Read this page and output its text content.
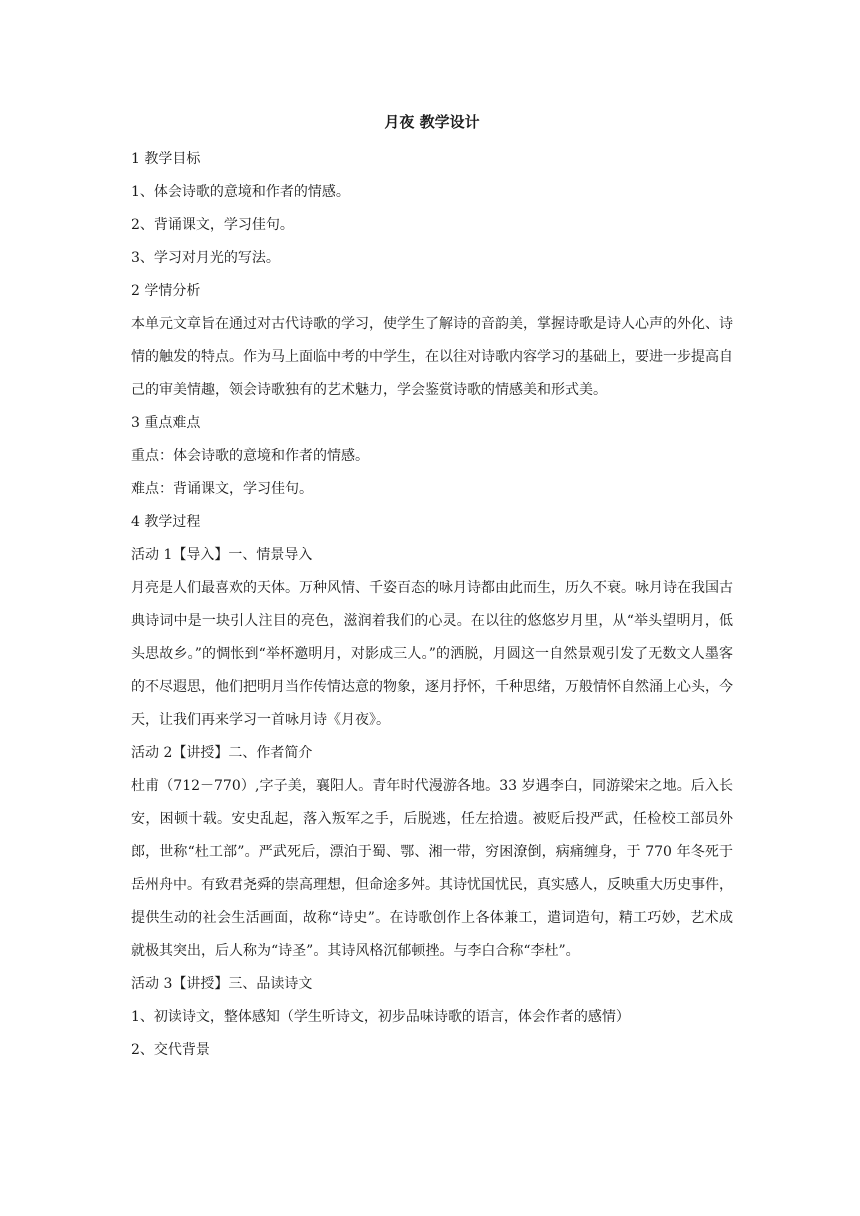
月夜 教学设计

1 教学目标

1、体会诗歌的意境和作者的情感。

2、背诵课文，学习佳句。

3、学习对月光的写法。

2 学情分析

本单元文章旨在通过对古代诗歌的学习，使学生了解诗的音韵美，掌握诗歌是诗人心声的外化、诗情的触发的特点。作为马上面临中考的中学生，在以往对诗歌内容学习的基础上，要进一步提高自己的审美情趣，领会诗歌独有的艺术魅力，学会鉴赏诗歌的情感美和形式美。

3 重点难点

重点：体会诗歌的意境和作者的情感。

难点：背诵课文，学习佳句。

4 教学过程

活动 1【导入】一、情景导入

月亮是人们最喜欢的天体。万种风情、千姿百态的咏月诗都由此而生，历久不衰。咏月诗在我国古典诗词中是一块引人注目的亮色，滋润着我们的心灵。在以往的悠悠岁月里，从“举头望明月，低头思故乡。”的惆怅到“举杯邀明月，对影成三人。”的洒脱，月圆这一自然景观引发了无数文人墨客的不尽遐思，他们把明月当作传情达意的物象，逐月抒怀，千种思绪，万般情怀自然涌上心头，今天，让我们再来学习一首咏月诗《月夜》。

活动 2【讲授】二、作者简介

杜甫（712－770）,字子美，襄阳人。青年时代漫游各地。33 岁遇李白，同游梁宋之地。后入长安，困顿十载。安史乱起，落入叛军之手，后脱逃，任左拾遗。被贬后投严武，任检校工部员外郎，世称“杜工部”。严武死后，漂泊于蜀、鄂、湘一带，穷困潦倒，病痛缠身，于 770 年冬死于岳州舟中。有致君尧舜的崇高理想，但命途多舛。其诗忧国忧民，真实感人，反映重大历史事件，提供生动的社会生活画面，故称“诗史”。在诗歌创作上各体兼工，遣词造句，精工巧妙，艺术成就极其突出，后人称为“诗圣”。其诗风格沉郁顿挫。与李白合称“李杜”。

活动 3【讲授】三、品读诗文

1、初读诗文，整体感知（学生听诗文，初步品味诗歌的语言，体会作者的感情）

2、交代背景
